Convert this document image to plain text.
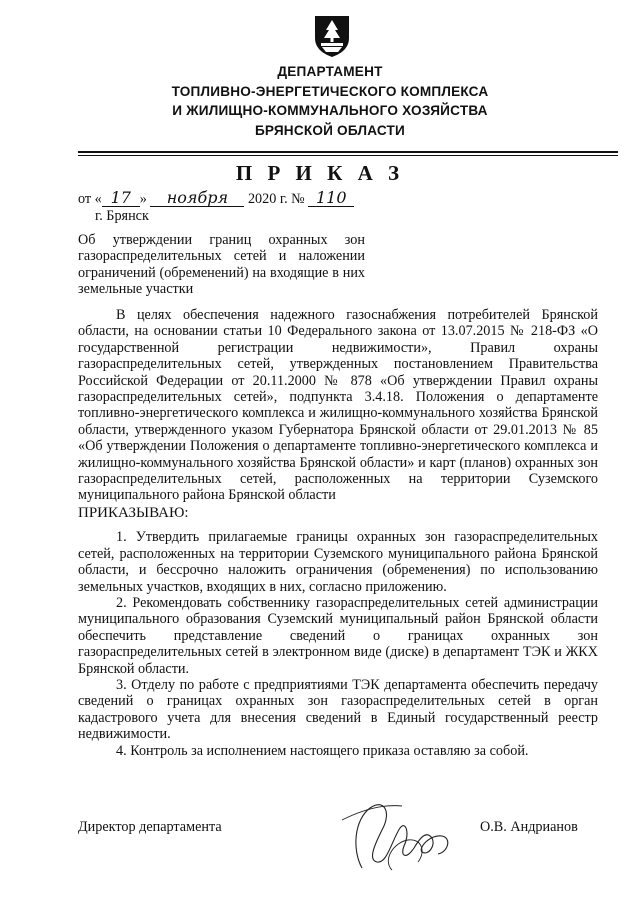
ДЕПАРТАМЕНТ
ТОПЛИВНО-ЭНЕРГЕТИЧЕСКОГО КОМПЛЕКСА
И ЖИЛИЩНО-КОММУНАЛЬНОГО ХОЗЯЙСТВА
БРЯНСКОЙ ОБЛАСТИ
П Р И К А З
от « 17 » ноября 2020 г. № 110
г. Брянск
Об утверждении границ охранных зон газораспределительных сетей и наложении ограничений (обременений) на входящие в них земельные участки

В целях обеспечения надежного газоснабжения потребителей Брянской области, на основании статьи 10 Федерального закона от 13.07.2015 № 218-ФЗ «О государственной регистрации недвижимости», Правил охраны газораспределительных сетей, утвержденных постановлением Правительства Российской Федерации от 20.11.2000 № 878 «Об утверждении Правил охраны газораспределительных сетей», подпункта 3.4.18. Положения о департаменте топливно-энергетического комплекса и жилищно-коммунального хозяйства Брянской области, утвержденного указом Губернатора Брянской области от 29.01.2013 № 85 «Об утверждении Положения о департаменте топливно-энергетического комплекса и жилищно-коммунального хозяйства Брянской области» и карт (планов) охранных зон газораспределительных сетей, расположенных на территории Суземского муниципального района Брянской области

ПРИКАЗЫВАЮ:

1. Утвердить прилагаемые границы охранных зон газораспределительных сетей, расположенных на территории Суземского муниципального района Брянской области, и бессрочно наложить ограничения (обременения) по использованию земельных участков, входящих в них, согласно приложению.

2. Рекомендовать собственнику газораспределительных сетей администрации муниципального образования Суземский муниципальный район Брянской области обеспечить представление сведений о границах охранных зон газораспределительных сетей в электронном виде (диске) в департамент ТЭК и ЖКХ Брянской области.

3. Отделу по работе с предприятиями ТЭК департамента обеспечить передачу сведений о границах охранных зон газораспределительных сетей в орган кадастрового учета для внесения сведений в Единый государственный реестр недвижимости.

4. Контроль за исполнением настоящего приказа оставляю за собой.

Директор департамента	О.В. Андрианов
